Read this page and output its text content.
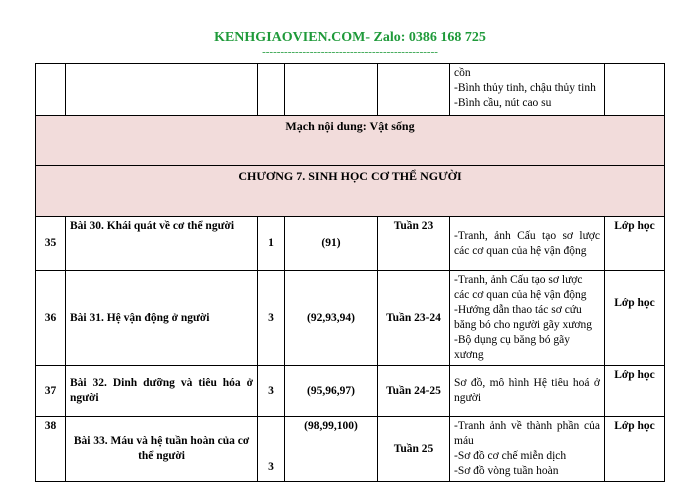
KENHGIAOVIEN.COM- Zalo: 0386 168 725
------------------------------------------------

					cồn
-Bình thủy tinh, chậu thủy tinh
-Bình cầu, nút cao su	

Mạch nội dung: Vật sống						
CHƯƠNG 7. SINH HỌC CƠ THỂ NGƯỜI						
35	Bài 30. Khái quát về cơ thể người	1	(91)	Tuần 23	-Tranh, ảnh Cấu tạo sơ lược các cơ quan của hệ vận động	Lớp học
36	Bài 31. Hệ vận động ở người	3	(92,93,94)	Tuần 23-24	-Tranh, ảnh Cấu tạo sơ lược các cơ quan của hệ vận động
-Hướng dẫn thao tác sơ cứu băng bó cho người gãy xương
-Bộ dụng cụ băng bó gãy xương	Lớp học
37	Bài 32. Dinh dưỡng và tiêu hóa ở người	3	(95,96,97)	Tuần 24-25	Sơ đồ, mô hình Hệ tiêu hoá ở người	Lớp học
38	Bài 33. Máu và hệ tuần hoàn của cơ thể người	3	(98,99,100)	Tuần 25	-Tranh ảnh về thành phần của máu
-Sơ đồ cơ chế miễn dịch
-Sơ đồ vòng tuần hoàn	Lớp học
